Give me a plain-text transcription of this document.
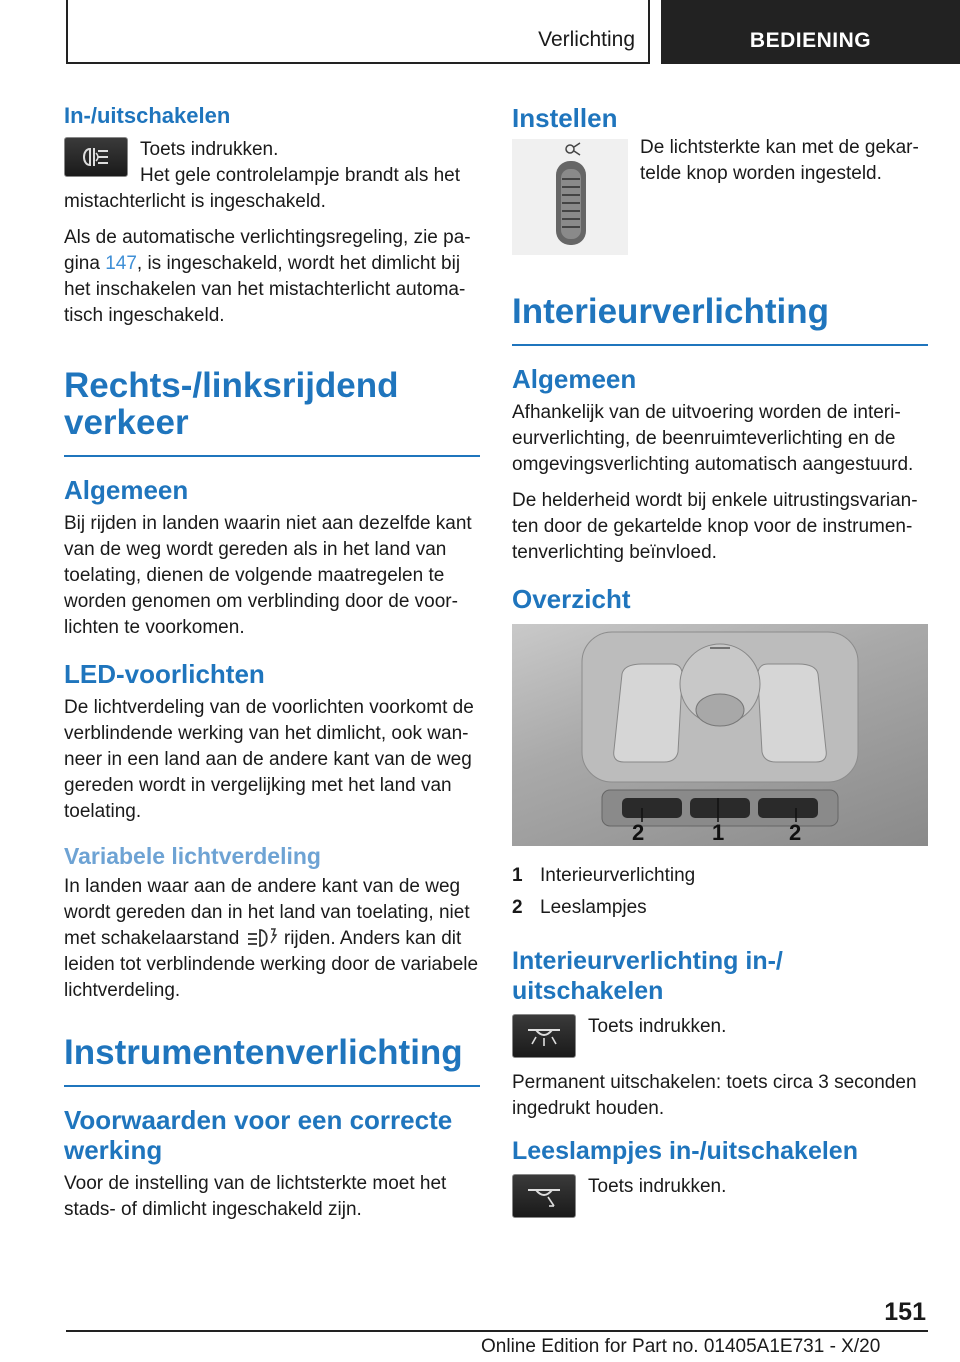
Verlichting	BEDIENING
In-/uitschakelen

Toets indrukken.

Het gele controlelampje brandt als het mistachterlicht is ingeschakeld.

Als de automatische verlichtingsregeling, zie pa-gina 147, is ingeschakeld, wordt het dimlicht bij het inschakelen van het mistachterlicht automa-tisch ingeschakeld.

Rechts-/linksrijdend verkeer
Algemeen

Bij rijden in landen waarin niet aan dezelfde kant van de weg wordt gereden als in het land van toelating, dienen de volgende maatregelen te worden genomen om verblinding door de voor-lichten te voorkomen.

LED-voorlichten

De lichtverdeling van de voorlichten voorkomt de verblindende werking van het dimlicht, ook wan-neer in een land aan de andere kant van de weg gereden wordt in vergelijking met het land van toelating.

Variabele lichtverdeling

In landen waar aan de andere kant van de weg wordt gereden dan in het land van toelating, niet met schakelaarstand  rijden. Anders kan dit leiden tot verblindende werking door de variabele lichtverdeling.

Instrumentenverlichting
Voorwaarden voor een correcte werking

Voor de instelling van de lichtsterkte moet het stads- of dimlicht ingeschakeld zijn.

Instellen

De lichtsterkte kan met de gekar-telde knop worden ingesteld.

Interieurverlichting
Algemeen

Afhankelijk van de uitvoering worden de interi-eurverlichting, de beenruimteverlichting en de omgevingsverlichting automatisch aangestuurd.

De helderheid wordt bij enkele uitrustingsvarian-ten door de gekartelde knop voor de instrumen-tenverlichting beïnvloed.

Overzicht
2	1	2
1 Interieurverlichting
2 Leeslampjes
Interieurverlichting in-/ uitschakelen

Toets indrukken.

Permanent uitschakelen: toets circa 3 seconden ingedrukt houden.

Leeslampjes in-/uitschakelen

Toets indrukken.

151
Online Edition for Part no. 01405A1E731 - X/20
